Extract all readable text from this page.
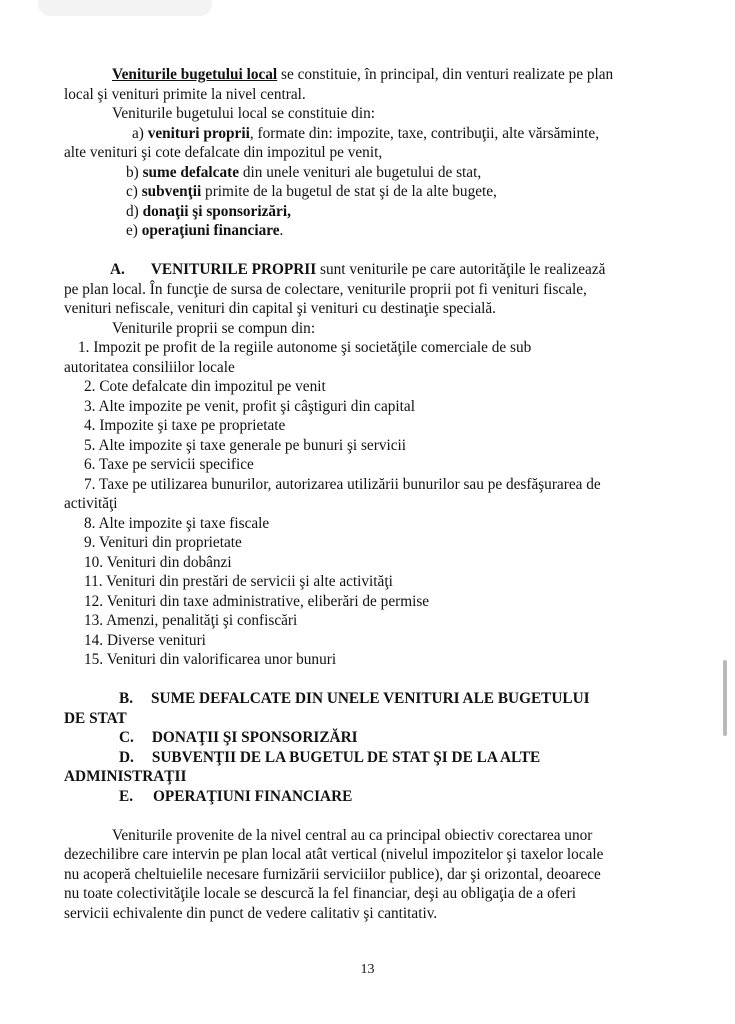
Veniturile bugetului local se constituie, în principal, din venturi realizate pe plan
local şi venituri primite la nivel central.
Veniturile bugetului local se constituie din:
a) venituri proprii, formate din: impozite, taxe, contribuţii, alte vărsăminte,
alte venituri şi cote defalcate din impozitul pe venit,
b) sume defalcate din unele venituri ale bugetului de stat,
c) subvenţii primite de la bugetul de stat şi de la alte bugete,
d) donaţii şi sponsorizări,
e) operaţiuni financiare.
A. VENITURILE PROPRII sunt veniturile pe care autorităţile le realizează
pe plan local. În funcţie de sursa de colectare, veniturile proprii pot fi venituri fiscale,
venituri nefiscale, venituri din capital şi venituri cu destinaţie specială.
Veniturile proprii se compun din:
1. Impozit pe profit de la regiile autonome şi societăţile comerciale de sub
autoritatea consiliilor locale
2. Cote defalcate din impozitul pe venit
3. Alte impozite pe venit, profit şi câştiguri din capital
4. Impozite şi taxe pe proprietate
5. Alte impozite şi taxe generale pe bunuri şi servicii
6. Taxe pe servicii specifice
7. Taxe pe utilizarea bunurilor, autorizarea utilizării bunurilor sau pe desfăşurarea de
activităţi
8. Alte impozite şi taxe fiscale
9. Venituri din proprietate
10. Venituri din dobânzi
11. Venituri din prestări de servicii şi alte activităţi
12. Venituri din taxe administrative, eliberări de permise
13. Amenzi, penalităţi şi confiscări
14. Diverse venituri
15. Venituri din valorificarea unor bunuri
B. SUME DEFALCATE DIN UNELE VENITURI ALE BUGETULUI
DE STAT
C. DONAŢII ŞI SPONSORIZĂRI
D. SUBVENŢII DE LA BUGETUL DE STAT ŞI DE LA ALTE
ADMINISTRAŢII
E. OPERAŢIUNI FINANCIARE
Veniturile provenite de la nivel central au ca principal obiectiv corectarea unor
dezechilibre care intervin pe plan local atât vertical (nivelul impozitelor şi taxelor locale
nu acoperă cheltuielile necesare furnizării serviciilor publice), dar şi orizontal, deoarece
nu toate colectivităţile locale se descurcă la fel financiar, deşi au obligaţia de a oferi
servicii echivalente din punct de vedere calitativ şi cantitativ.
13
